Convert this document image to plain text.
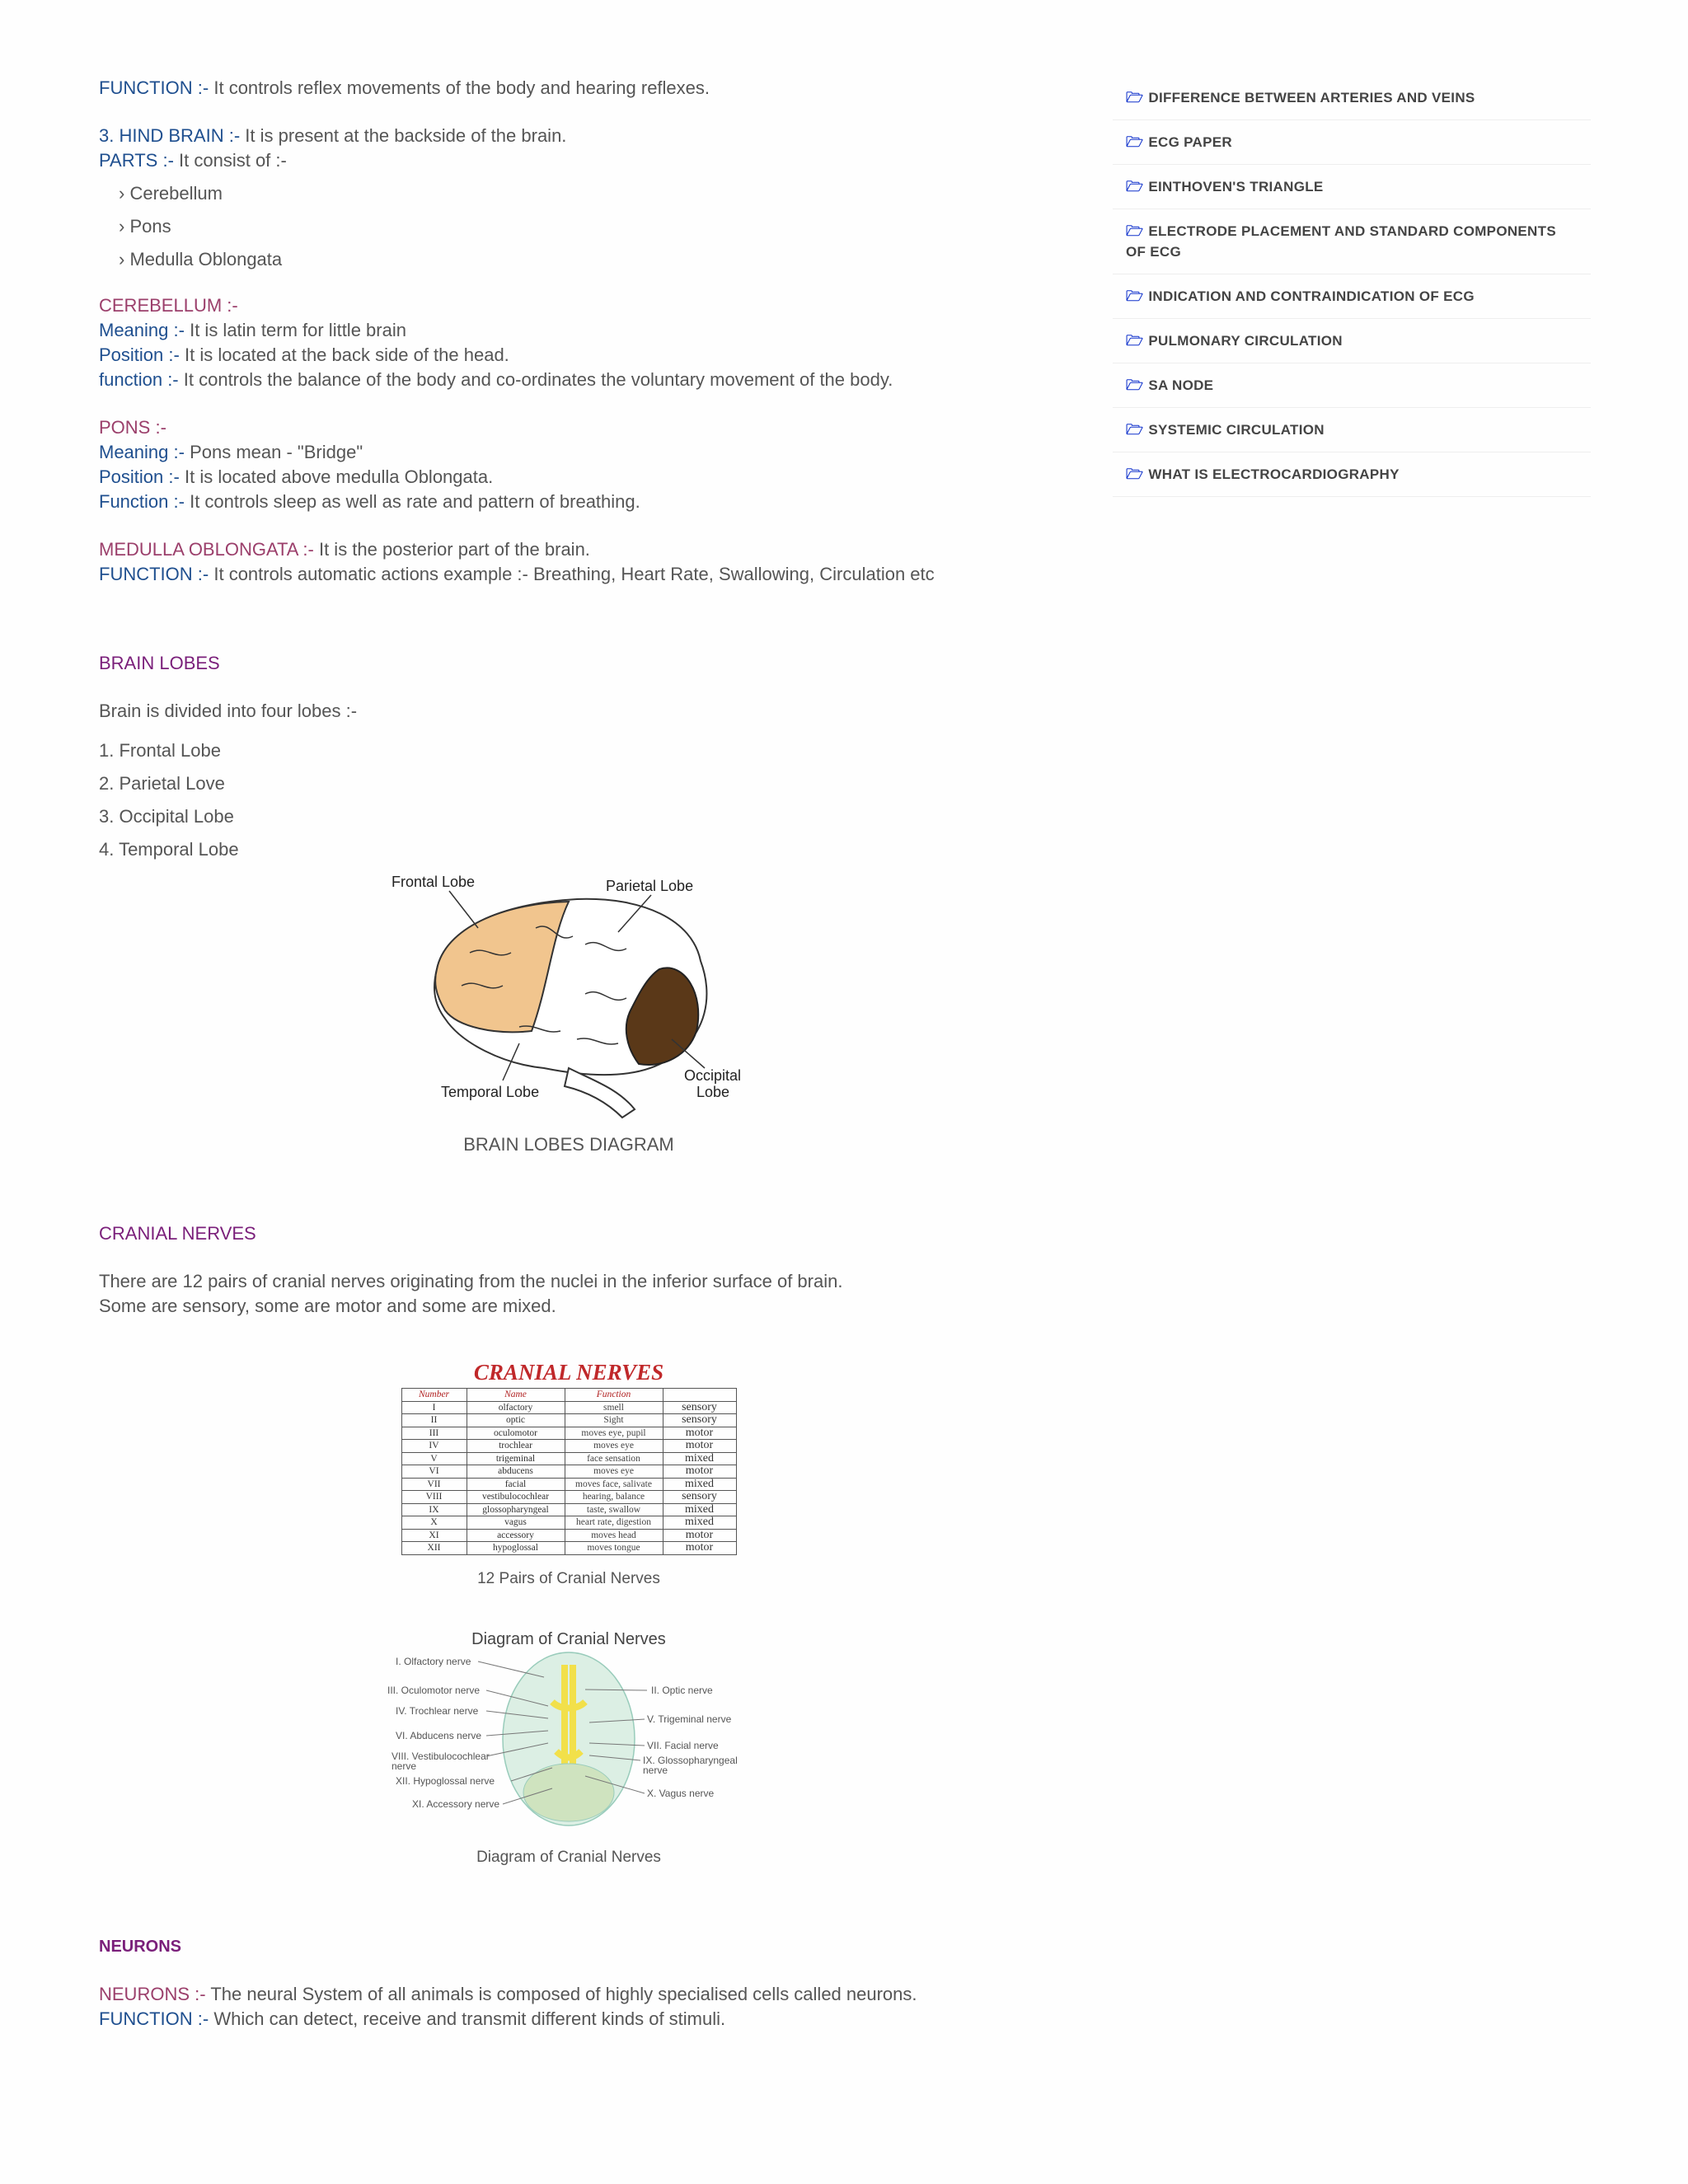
FUNCTION :- It controls reflex movements of the body and hearing reflexes.

3. HIND BRAIN :- It is present at the backside of the brain.

PARTS :- It consist of :-

› Cerebellum
› Pons
› Medulla Oblongata

CEREBELLUM :-

Meaning :- It is latin term for little brain

Position :- It is located at the back side of the head.

function :- It controls the balance of the body and co-ordinates the voluntary movement of the body.

PONS :-

Meaning :- Pons mean - "Bridge"

Position :- It is located above medulla Oblongata.

Function :- It controls sleep as well as rate and pattern of breathing.

MEDULLA OBLONGATA :- It is the posterior part of the brain.

FUNCTION :- It controls automatic actions example :- Breathing, Heart Rate, Swallowing, Circulation etc

BRAIN LOBES

Brain is divided into four lobes :-

1. Frontal Lobe
2. Parietal Love
3. Occipital Lobe
4. Temporal Lobe
Frontal Lobe	Parietal Lobe
Temporal Lobe
Occipital
Lobe
BRAIN LOBES DIAGRAM

CRANIAL NERVES

There are 12 pairs of cranial nerves originating from the nuclei in the inferior surface of brain.

Some are sensory, some are motor and some are mixed.

CRANIAL NERVES
Number	Name	Function	
I	olfactory	smell	sensory
II	optic	Sight	sensory
III	oculomotor	moves eye, pupil	motor
IV	trochlear	moves eye	motor
V	trigeminal	face sensation	mixed
VI	abducens	moves eye	motor
VII	facial	moves face, salivate	mixed
VIII	vestibulocochlear	hearing, balance	sensory
IX	glossopharyngeal	taste, swallow	mixed
X	vagus	heart rate, digestion	mixed
XI	accessory	moves head	motor
XII	hypoglossal	moves tongue	motor
12 Pairs of Cranial Nerves
Diagram of Cranial Nerves
I. Olfactory nerve
III. Oculomotor nerve
IV. Trochlear nerve
VI. Abducens nerve
VIII. Vestibulocochlear
nerve
XII. Hypoglossal nerve
XI. Accessory nerve
II. Optic nerve
V. Trigeminal nerve
VII. Facial nerve
IX. Glossopharyngeal
nerve
X. Vagus nerve
Diagram of Cranial Nerves

NEURONS

NEURONS :- The neural System of all animals is composed of highly specialised cells called neurons.

FUNCTION :- Which can detect, receive and transmit different kinds of stimuli.

🗁 DIFFERENCE BETWEEN ARTERIES AND VEINS
🗁 ECG PAPER
🗁 EINTHOVEN'S TRIANGLE
🗁 ELECTRODE PLACEMENT AND STANDARD COMPONENTS OF ECG
🗁 INDICATION AND CONTRAINDICATION OF ECG
🗁 PULMONARY CIRCULATION
🗁 SA NODE
🗁 SYSTEMIC CIRCULATION
🗁 WHAT IS ELECTROCARDIOGRAPHY
